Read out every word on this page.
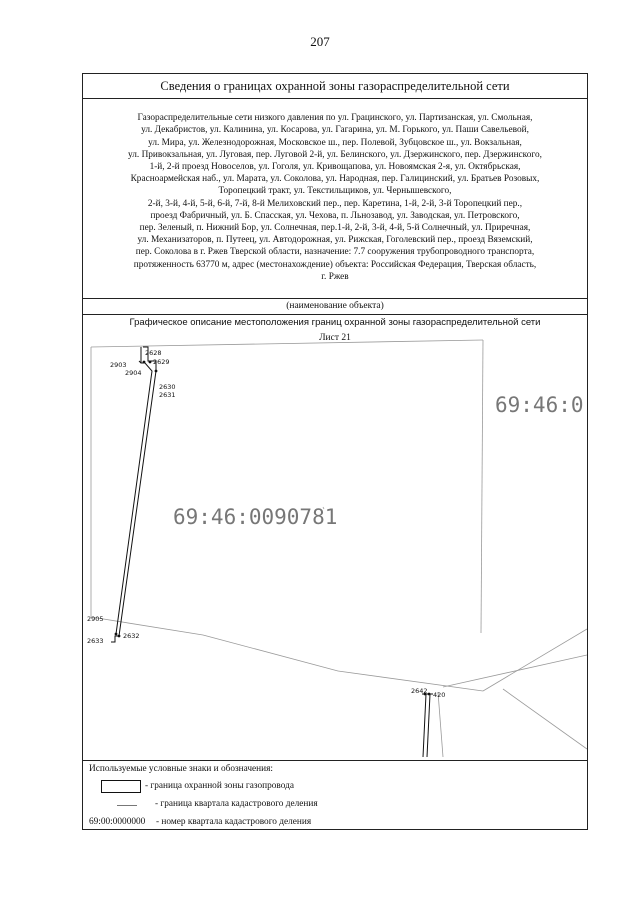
207
Сведения о границах охранной зоны газораспределительной сети

Газораспределительные сети низкого давления по ул. Грацинского, ул. Партизанская, ул. Смольная,
ул. Декабристов, ул. Калинина, ул. Косарова, ул. Гагарина, ул. М. Горького, ул. Паши Савельевой,
ул. Мира, ул. Железнодорожная, Московское ш., пер. Полевой, Зубцовское ш., ул. Вокзальная,
ул. Привокзальная, ул. Луговая, пер. Луговой 2-й, ул. Белинского, ул. Дзержинского, пер. Дзержинского,
1-й, 2-й проезд Новоселов, ул. Гоголя, ул. Кривощапова, ул. Новоямская 2-я, ул. Октябрьская,
Красноармейская наб., ул. Марата, ул. Соколова, ул. Народная, пер. Галицинский, ул. Братьев Розовых,
Торопецкий тракт, ул. Текстильщиков, ул. Чернышевского,
2-й, 3-й, 4-й, 5-й, 6-й, 7-й, 8-й Мелиховский пер., пер. Каретина, 1-й, 2-й, 3-й Торопецкий пер.,
проезд Фабричный, ул. Б. Спасская, ул. Чехова, п. Льнозавод, ул. Заводская, ул. Петровского,
пер. Зеленый, п. Нижний Бор, ул. Солнечная, пер.1-й, 2-й, 3-й, 4-й, 5-й Солнечный, ул. Приречная,
ул. Механизаторов, п. Путеец, ул. Автодорожная, ул. Рижская, Гоголевский пер., проезд Вяземский,
пер. Соколова в г. Ржев Тверской области, назначение: 7.7 сооружения трубопроводного транспорта,
протяженность 63770 м, адрес (местонахождение) объекта: Российская Федерация, Тверская область,
г. Ржев

(наименование объекта)
Графическое описание местоположения границ охранной зоны газораспределительной сети
Лист 21
2628
2629
2903
2904
2630
2631
2905
2632
2633
2642 420
69:46:0090781
69:46:0
Используемые условные знаки и обозначения:
- граница охранной зоны газопровода
- граница квартала кадастрового деления
69:00:0000000 - номер квартала кадастрового деления
